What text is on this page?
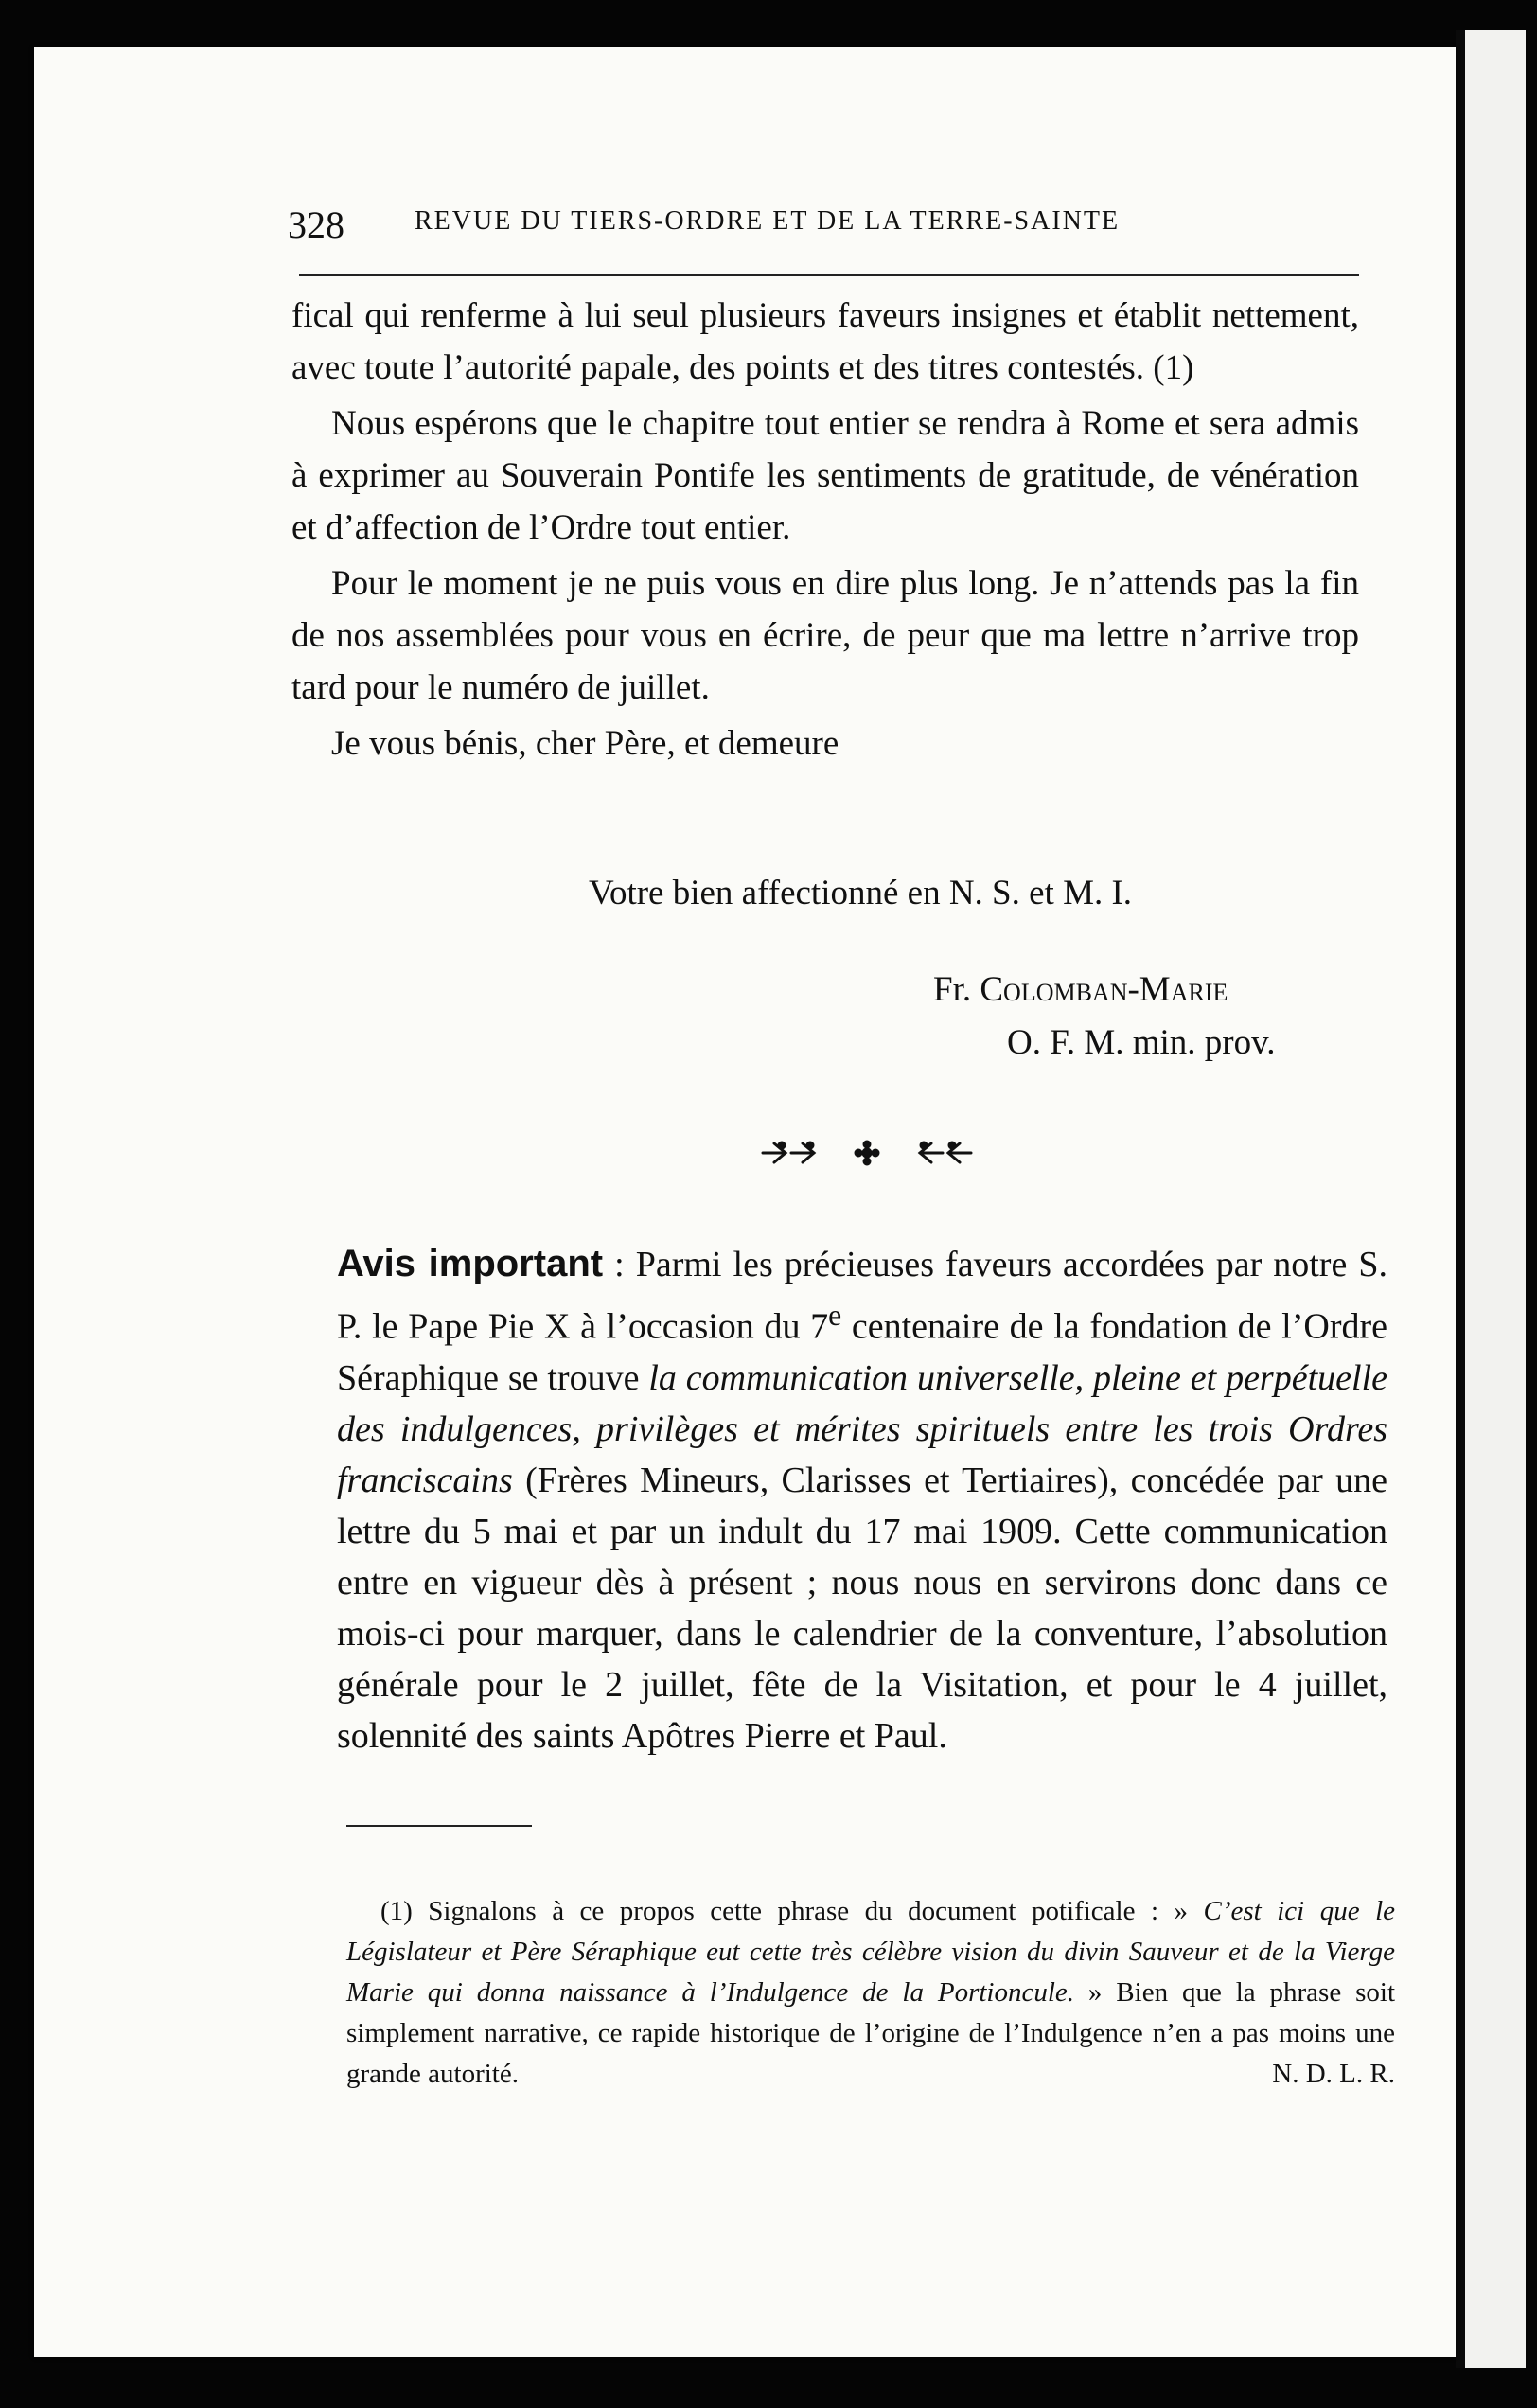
328	REVUE DU TIERS-ORDRE ET DE LA TERRE-SAINTE

fical qui renferme à lui seul plusieurs faveurs insignes et établit nettement, avec toute l’autorité papale, des points et des titres contestés. (1)

Nous espérons que le chapitre tout entier se rendra à Rome et sera admis à exprimer au Souverain Pontife les sentiments de gratitude, de vénération et d’affection de l’Ordre tout entier.

Pour le moment je ne puis vous en dire plus long. Je n’attends pas la fin de nos assemblées pour vous en écrire, de peur que ma lettre n’arrive trop tard pour le numéro de juillet.

Je vous bénis, cher Père, et demeure

Votre bien affectionné en N. S. et M. I.
Fr. Colomban-Marie
O. F. M. min. prov.
Avis important : Parmi les précieuses faveurs accordées par notre S. P. le Pape Pie X à l’occasion du 7e centenaire de la fondation de l’Ordre Séraphique se trouve la communication universelle, pleine et perpétuelle des indulgences, privilèges et mérites spirituels entre les trois Ordres franciscains (Frères Mineurs, Clarisses et Tertiaires), concédée par une lettre du 5 mai et par un indult du 17 mai 1909. Cette communication entre en vigueur dès à présent ; nous nous en servirons donc dans ce mois-ci pour marquer, dans le calendrier de la conventure, l’absolution générale pour le 2 juillet, fête de la Visitation, et pour le 4 juillet, solennité des saints Apôtres Pierre et Paul.

(1) Signalons à ce propos cette phrase du document potificale : » C’est ici que le Législateur et Père Séraphique eut cette très célèbre vision du divin Sauveur et de la Vierge Marie qui donna naissance à l’Indulgence de la Portioncule. » Bien que la phrase soit simplement narrative, ce rapide historique de l’origine de l’Indulgence n’en a pas moins une grande autorité.	N. D. L. R.
